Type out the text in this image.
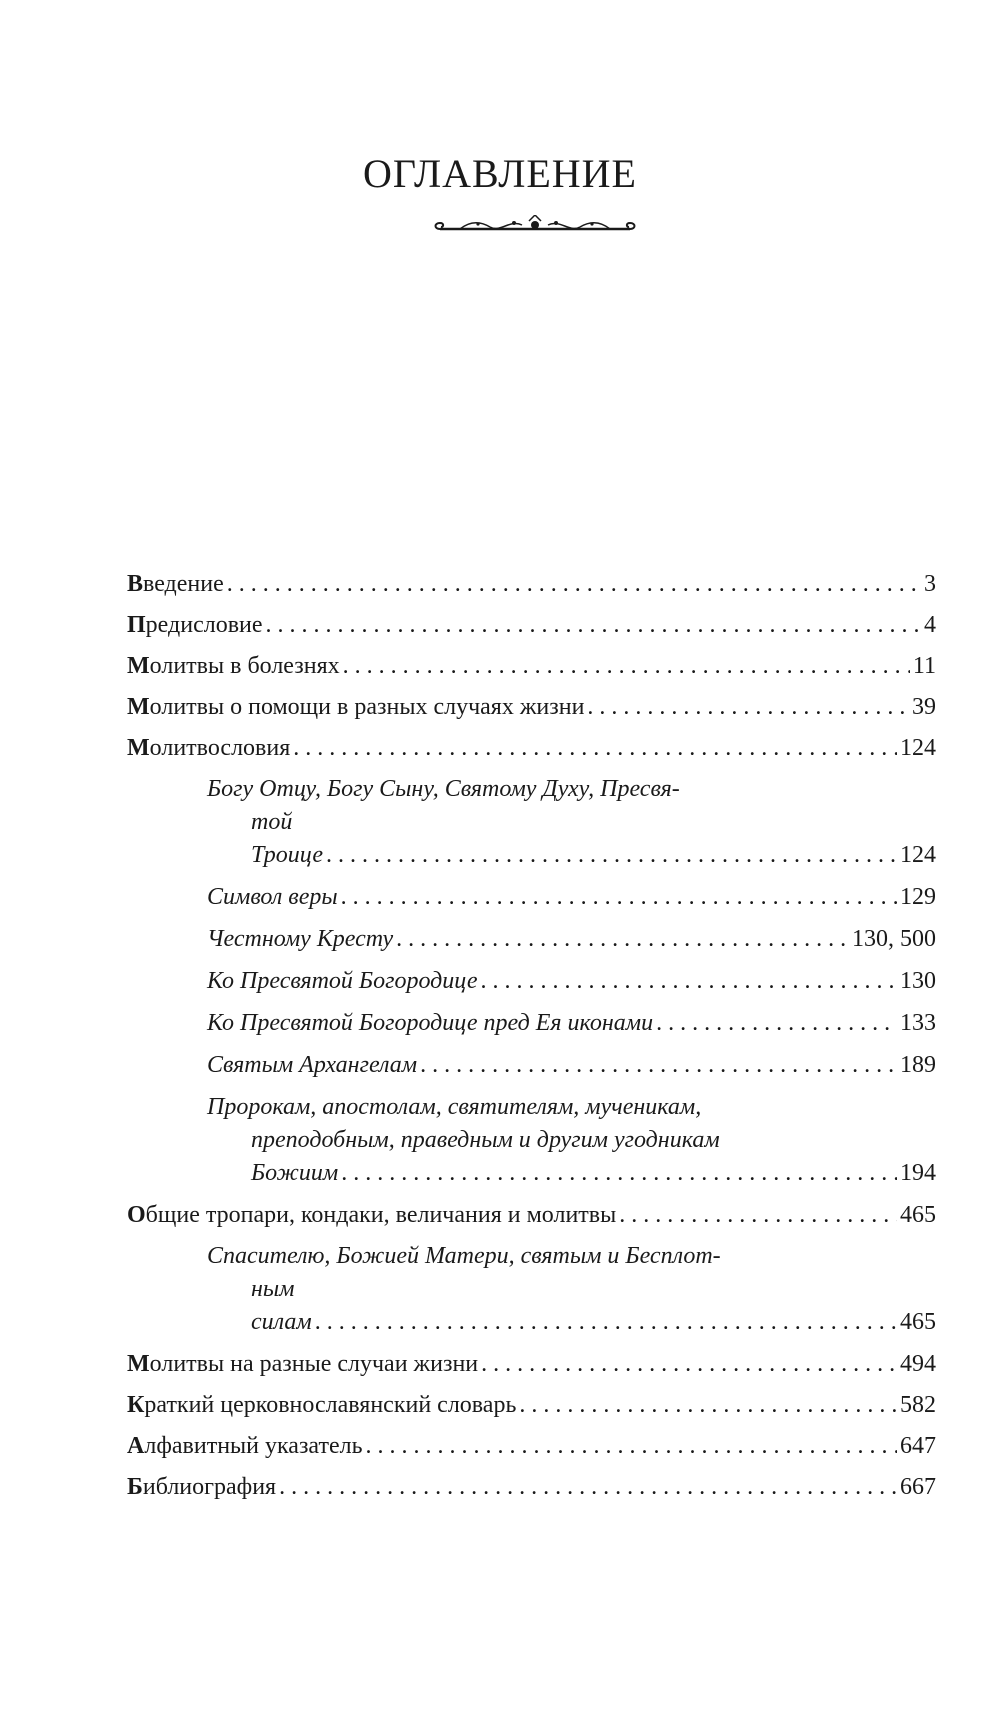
ОГЛАВЛЕНИЕ
Введение . . .	3
Предисловие . . .	4
Молитвы в болезнях . . .	11
Молитвы о помощи в разных случаях жизни . . .	39
Молитвословия . . .	124
Богу Отцу, Богу Сыну, Святому Духу, Пресвя-
той Троице . . .	124
Символ веры . . .	129
Честному Кресту . . .	130, 500
Ко Пресвятой Богородице . . .	130
Ко Пресвятой Богородице пред Ея иконами . . .	133
Святым Архангелам . . .	189
Пророкам, апостолам, святителям, мученикам,
преподобным, праведным и другим угодникам
Божиим . . .	194
Общие тропари, кондаки, величания и молитвы . . .	465
Спасителю, Божией Матери, святым и Бесплот-
ным силам . . .	465
Молитвы на разные случаи жизни . . .	494
Краткий церковнославянский словарь . . .	582
Алфавитный указатель . . .	647
Библиография . . .	667
